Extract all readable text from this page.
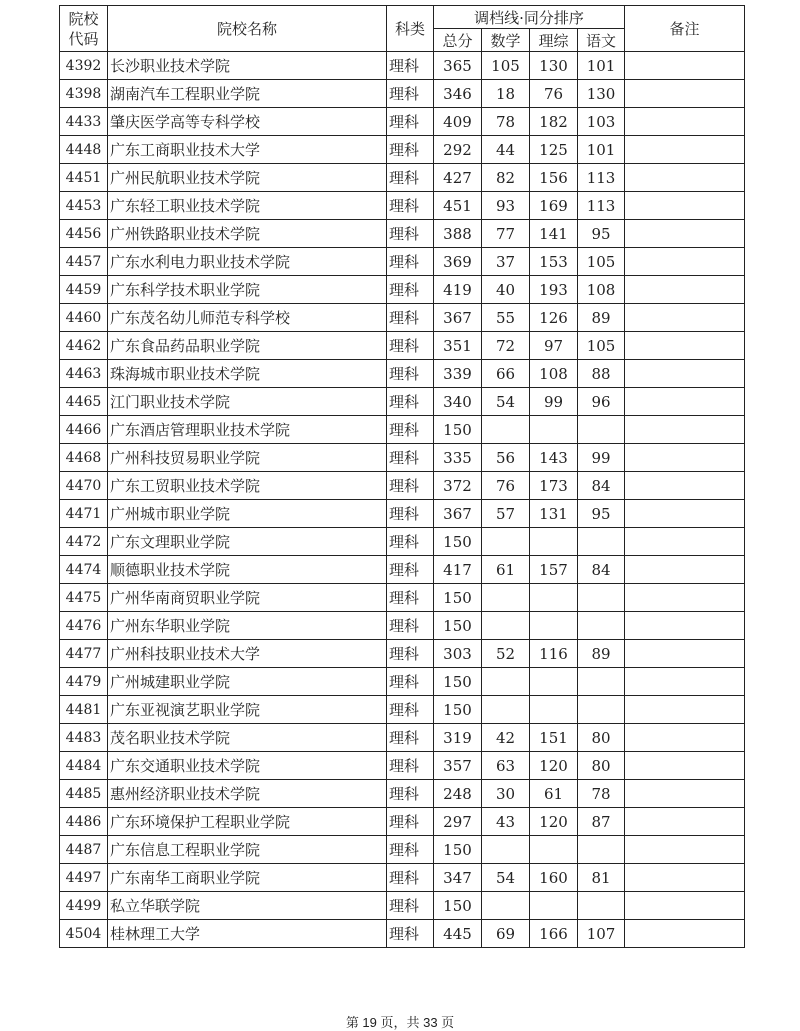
院校代码	院校名称	科类	调档线·同分排序				备注
			总分	数学	理综	语文	
4392	长沙职业技术学院	理科	365	105	130	101	
4398	湖南汽车工程职业学院	理科	346	18	76	130	
4433	肇庆医学高等专科学校	理科	409	78	182	103	
4448	广东工商职业技术大学	理科	292	44	125	101	
4451	广州民航职业技术学院	理科	427	82	156	113	
4453	广东轻工职业技术学院	理科	451	93	169	113	
4456	广州铁路职业技术学院	理科	388	77	141	95	
4457	广东水利电力职业技术学院	理科	369	37	153	105	
4459	广东科学技术职业学院	理科	419	40	193	108	
4460	广东茂名幼儿师范专科学校	理科	367	55	126	89	
4462	广东食品药品职业学院	理科	351	72	97	105	
4463	珠海城市职业技术学院	理科	339	66	108	88	
4465	江门职业技术学院	理科	340	54	99	96	
4466	广东酒店管理职业技术学院	理科	150				
4468	广州科技贸易职业学院	理科	335	56	143	99	
4470	广东工贸职业技术学院	理科	372	76	173	84	
4471	广州城市职业学院	理科	367	57	131	95	
4472	广东文理职业学院	理科	150				
4474	顺德职业技术学院	理科	417	61	157	84	
4475	广州华南商贸职业学院	理科	150				
4476	广州东华职业学院	理科	150				
4477	广州科技职业技术大学	理科	303	52	116	89	
4479	广州城建职业学院	理科	150				
4481	广东亚视演艺职业学院	理科	150				
4483	茂名职业技术学院	理科	319	42	151	80	
4484	广东交通职业技术学院	理科	357	63	120	80	
4485	惠州经济职业技术学院	理科	248	30	61	78	
4486	广东环境保护工程职业学院	理科	297	43	120	87	
4487	广东信息工程职业学院	理科	150				
4497	广东南华工商职业学院	理科	347	54	160	81	
4499	私立华联学院	理科	150				
4504	桂林理工大学	理科	445	69	166	107	
第 19 页，共 33 页
